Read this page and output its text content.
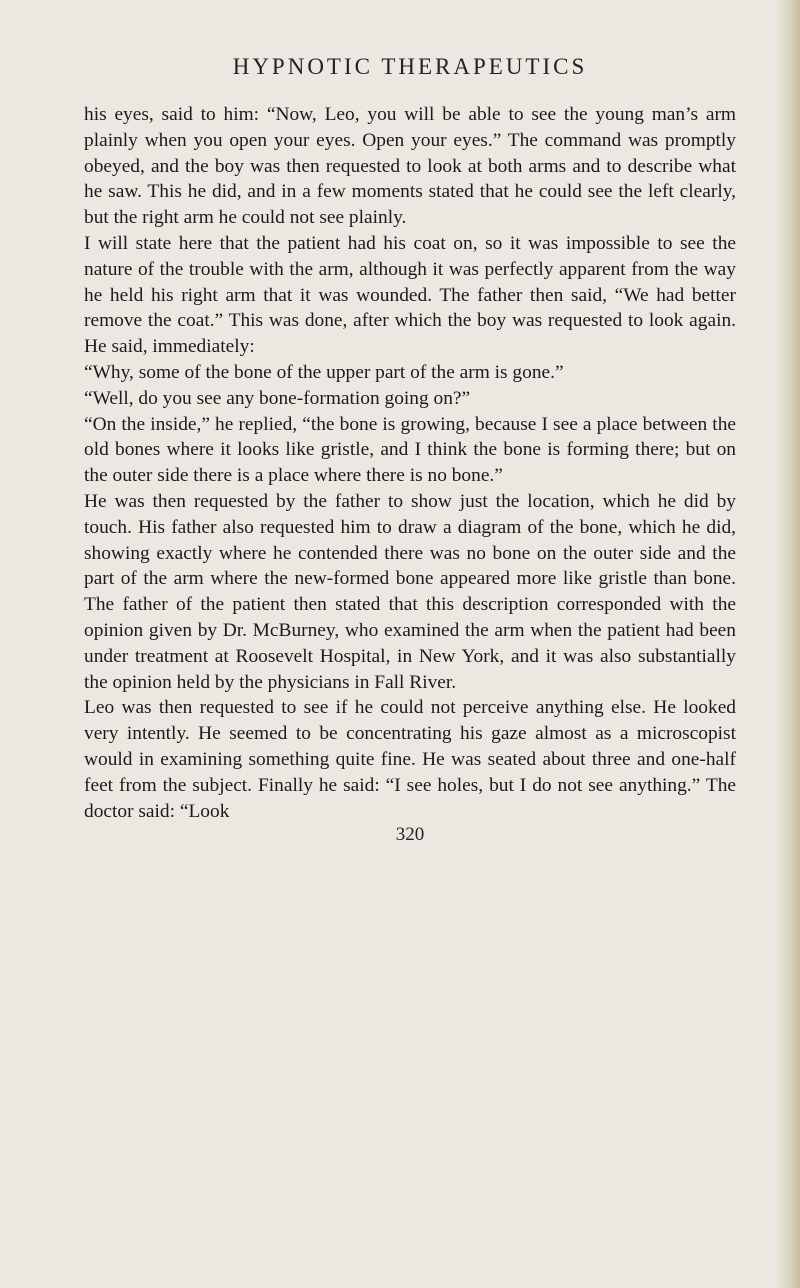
HYPNOTIC THERAPEUTICS

his eyes, said to him: “Now, Leo, you will be able to see the young man’s arm plainly when you open your eyes. Open your eyes.” The command was promptly obeyed, and the boy was then requested to look at both arms and to describe what he saw. This he did, and in a few moments stated that he could see the left clearly, but the right arm he could not see plainly.

I will state here that the patient had his coat on, so it was impossible to see the nature of the trouble with the arm, although it was perfectly apparent from the way he held his right arm that it was wounded. The father then said, “We had better remove the coat.” This was done, after which the boy was requested to look again. He said, immediately:

“Why, some of the bone of the upper part of the arm is gone.”

“Well, do you see any bone-formation going on?”

“On the inside,” he replied, “the bone is growing, because I see a place between the old bones where it looks like gristle, and I think the bone is forming there; but on the outer side there is a place where there is no bone.”

He was then requested by the father to show just the location, which he did by touch. His father also requested him to draw a diagram of the bone, which he did, showing exactly where he contended there was no bone on the outer side and the part of the arm where the new-formed bone appeared more like gristle than bone. The father of the patient then stated that this description corresponded with the opinion given by Dr. McBurney, who examined the arm when the patient had been under treatment at Roosevelt Hospital, in New York, and it was also substantially the opinion held by the physicians in Fall River.

Leo was then requested to see if he could not perceive anything else. He looked very intently. He seemed to be concentrating his gaze almost as a microscopist would in examining something quite fine. He was seated about three and one-half feet from the subject. Finally he said: “I see holes, but I do not see anything.” The doctor said: “Look

320
